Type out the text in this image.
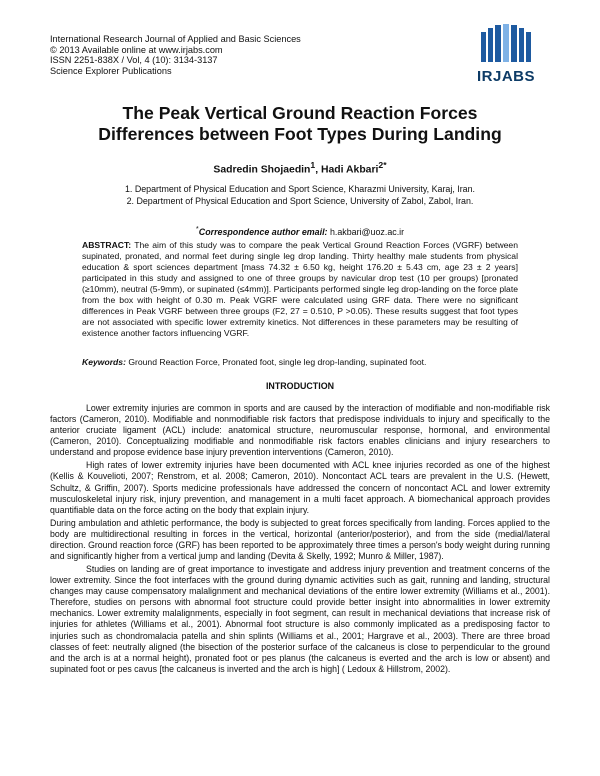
International Research Journal of Applied and Basic Sciences
© 2013 Available online at www.irjabs.com
ISSN 2251-838X / Vol, 4 (10): 3134-3137
Science Explorer Publications	IRJABS
The Peak Vertical Ground Reaction Forces
Differences between Foot Types During Landing
Sadredin Shojaedin$^1$, Hadi Akbari$^{2*}$
1. Department of Physical Education and Sport Science, Kharazmi University, Karaj, Iran.
2. Department of Physical Education and Sport Science, University of Zabol, Zabol, Iran.
*Correspondence author email: h.akbari@uoz.ac.ir
ABSTRACT: The aim of this study was to compare the peak Vertical Ground Reaction Forces (VGRF) between supinated, pronated, and normal feet during single leg drop landing. Thirty healthy male students from physical education & sport sciences department [mass 74.32 ± 6.50 kg, height 176.20 ± 5.43 cm, age 23 ± 2 years] participated in this study and assigned to one of three groups by navicular drop test (10 per groups) [pronated (≥10mm), neutral (5-9mm), or supinated (≤4mm)]. Participants performed single leg drop-landing on the force plate from the box with height of 0.30 m. Peak VGRF were calculated using GRF data. There were no significant differences in Peak VGRF between three groups (F2, 27 = 0.510, P >0.05). These results suggest that foot types are not associated with specific lower extremity kinetics. Not differences in these parameters may be resulting of existence another factors influencing VGRF.
Keywords: Ground Reaction Force, Pronated foot, single leg drop-landing, supinated foot.
INTRODUCTION

Lower extremity injuries are common in sports and are caused by the interaction of modifiable and non-modifiable risk factors (Cameron, 2010). Modifiable and nonmodifiable risk factors that predispose individuals to injury and specifically to the anterior cruciate ligament (ACL) include: anatomical structure, neuromuscular response, hormonal, and environmental (Cameron, 2010). Conceptualizing modifiable and nonmodifiable risk factors enables clinicians and injury researchers to understand and propose evidence base injury prevention interventions (Cameron, 2010).

High rates of lower extremity injuries have been documented with ACL knee injuries recorded as one of the highest (Kellis & Kouvelioti, 2007; Renstrom, et al. 2008; Cameron, 2010). Noncontact ACL tears are prevalent in the U.S. (Hewett, Schultz, & Griffin, 2007). Sports medicine professionals have addressed the concern of noncontact ACL and lower extremity musculoskeletal injury risk, injury prevention, and management in a multi facet approach. A biomechanical approach provides quantifiable data on the force acting on the body that explain injury.

During ambulation and athletic performance, the body is subjected to great forces specifically from landing. Forces applied to the body are multidirectional resulting in forces in the vertical, horizontal (anterior/posterior), and from the side (medial/lateral direction. Ground reaction force (GRF) has been reported to be approximately three times a person's body weight during running and significantly higher from a vertical jump and landing (Devita & Skelly, 1992; Munro & Miller, 1987).

Studies on landing are of great importance to investigate and address injury prevention and treatment concerns of the lower extremity. Since the foot interfaces with the ground during dynamic activities such as gait, running and landing, structural changes may cause compensatory malalignment and mechanical deviations of the entire lower extremity (Williams et al., 2001). Therefore, studies on persons with abnormal foot structure could provide better insight into abnormalities in lower extremity mechanics. Lower extremity malalignments, especially in foot segment, can result in mechanical deviations that increase risk of injuries for athletes (Williams et al., 2001). Abnormal foot structure is also commonly implicated as a predisposing factor to injuries such as chondromalacia patella and shin splints (Williams et al., 2001; Hargrave et al., 2003). There are three broad classes of feet: neutrally aligned (the bisection of the posterior surface of the calcaneus is close to perpendicular to the ground and the arch is at a normal height), pronated foot or pes planus (the calcaneus is everted and the arch is low or absent) and supinated foot or pes cavus [the calcaneus is inverted and the arch is high] ( Ledoux & Hillstrom, 2002).
